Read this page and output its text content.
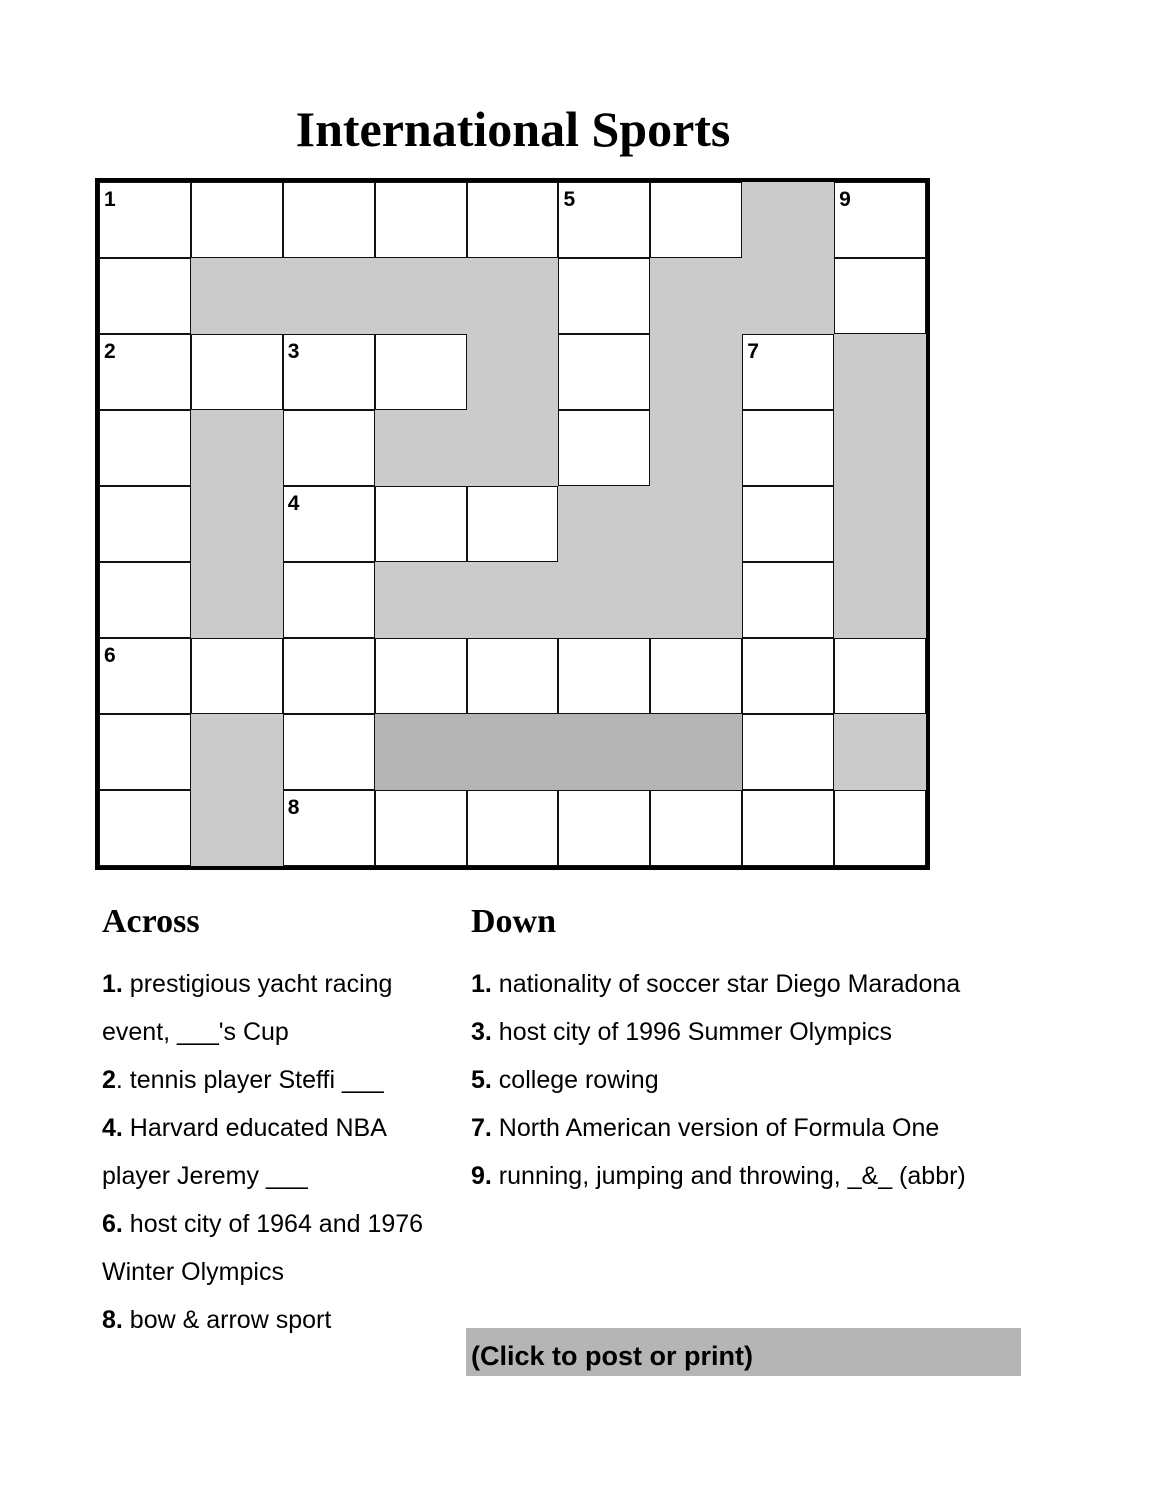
International Sports
1	5	9
2	3	7
4
6
8
Across

1. prestigious yacht racing

event, ___'s Cup

2. tennis player Steffi ___

4. Harvard educated NBA

player Jeremy ___

6. host city of 1964 and 1976

Winter Olympics

8. bow & arrow sport

Down

1. nationality of soccer star Diego Maradona

3. host city of 1996 Summer Olympics

5. college rowing

7. North American version of Formula One

9. running, jumping and throwing, _&_ (abbr)

(Click to post or print)
